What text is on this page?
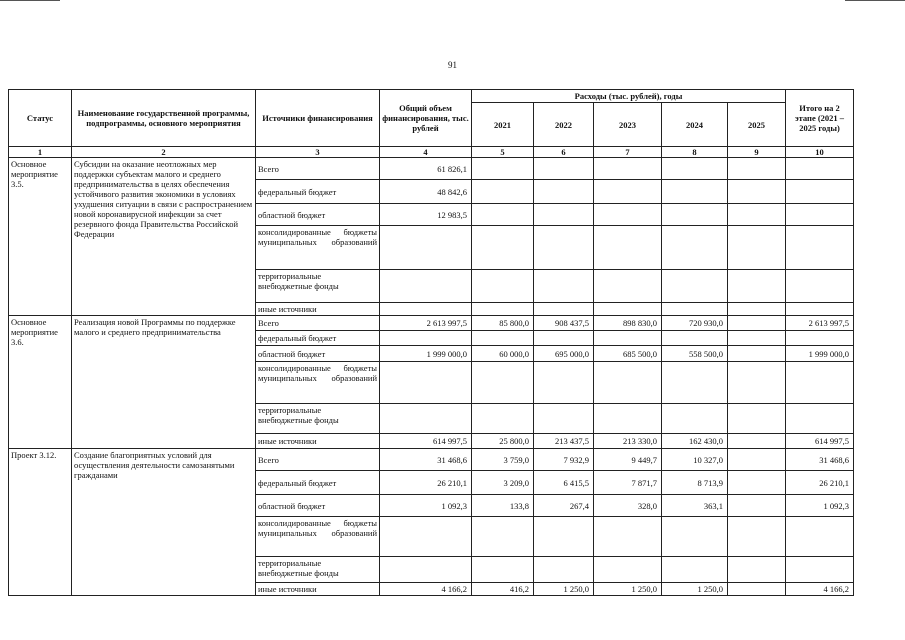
91
Статус	Наименование государственной программы, подпрограммы, основного мероприятия	Источники финансирования	Общий объем финансирования, тыс. рублей	Расходы (тыс. рублей), годы					Итого на 2 этапе (2021 – 2025 годы)
				2021	2022	2023	2024	2025	
1	2	3	4	5	6	7	8	9	10
Основное мероприятие 3.5.	Субсидии на оказание неотложных мер поддержки субъектам малого и среднего предпринимательства в целях обеспечения устойчивого развития экономики в условиях ухудшения ситуации в связи с распространением новой коронавирусной инфекции за счет резервного фонда Правительства Российской Федерации	Всего	61 826,1						
		федеральный бюджет	48 842,6						
		областной бюджет	12 983,5						
		консолидированные бюджеты муниципальных образований							
		территориальные внебюджетные фонды							
		иные источники							
Основное мероприятие 3.6.	Реализация новой Программы по поддержке малого и среднего предпринимательства	Всего	2 613 997,5	85 800,0	908 437,5	898 830,0	720 930,0		2 613 997,5
		федеральный бюджет							
		областной бюджет	1 999 000,0	60 000,0	695 000,0	685 500,0	558 500,0		1 999 000,0
		консолидированные бюджеты муниципальных образований							
		территориальные внебюджетные фонды							
		иные источники	614 997,5	25 800,0	213 437,5	213 330,0	162 430,0		614 997,5
Проект 3.12.	Создание благоприятных условий для осуществления деятельности самозанятыми гражданами	Всего	31 468,6	3 759,0	7 932,9	9 449,7	10 327,0		31 468,6
		федеральный бюджет	26 210,1	3 209,0	6 415,5	7 871,7	8 713,9		26 210,1
		областной бюджет	1 092,3	133,8	267,4	328,0	363,1		1 092,3
		консолидированные бюджеты муниципальных образований							
		территориальные внебюджетные фонды							
		иные источники	4 166,2	416,2	1 250,0	1 250,0	1 250,0		4 166,2
